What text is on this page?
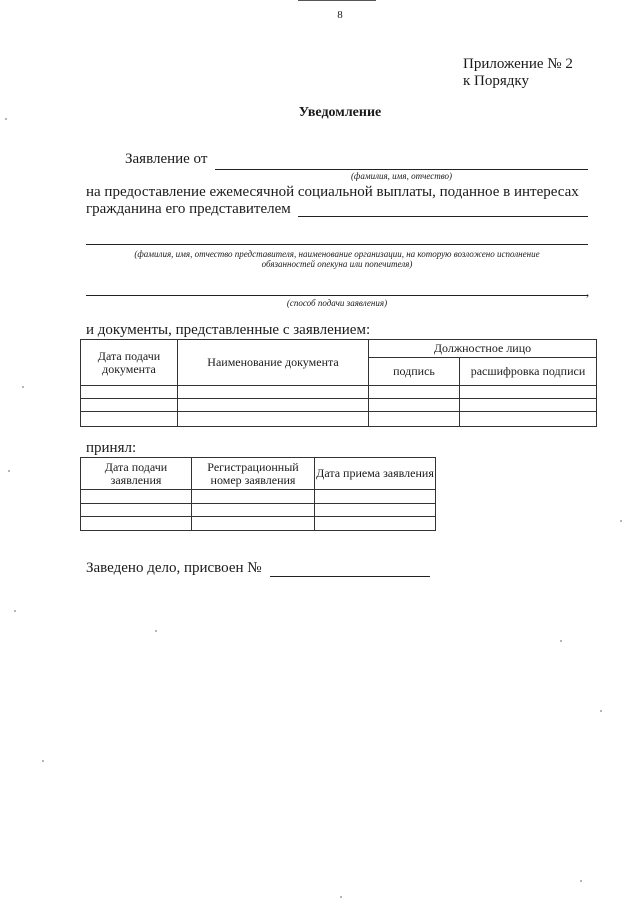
8
Приложение № 2
к Порядку
Уведомление
Заявление от
(фамилия, имя, отчество)
на предоставление ежемесячной социальной выплаты, поданное в интересах
гражданина его представителем
(фамилия, имя, отчество представителя, наименование организации, на которую возложено исполнение
обязанностей опекуна или попечителя)
,
(способ подачи заявления)
и документы, представленные с заявлением:
Дата подачи документа	Наименование документа	Должностное лицо	
		подпись	расшифровка подписи

принял:
Дата подачи заявления	Регистрационный номер заявления	Дата приема заявления

Заведено дело, присвоен №
